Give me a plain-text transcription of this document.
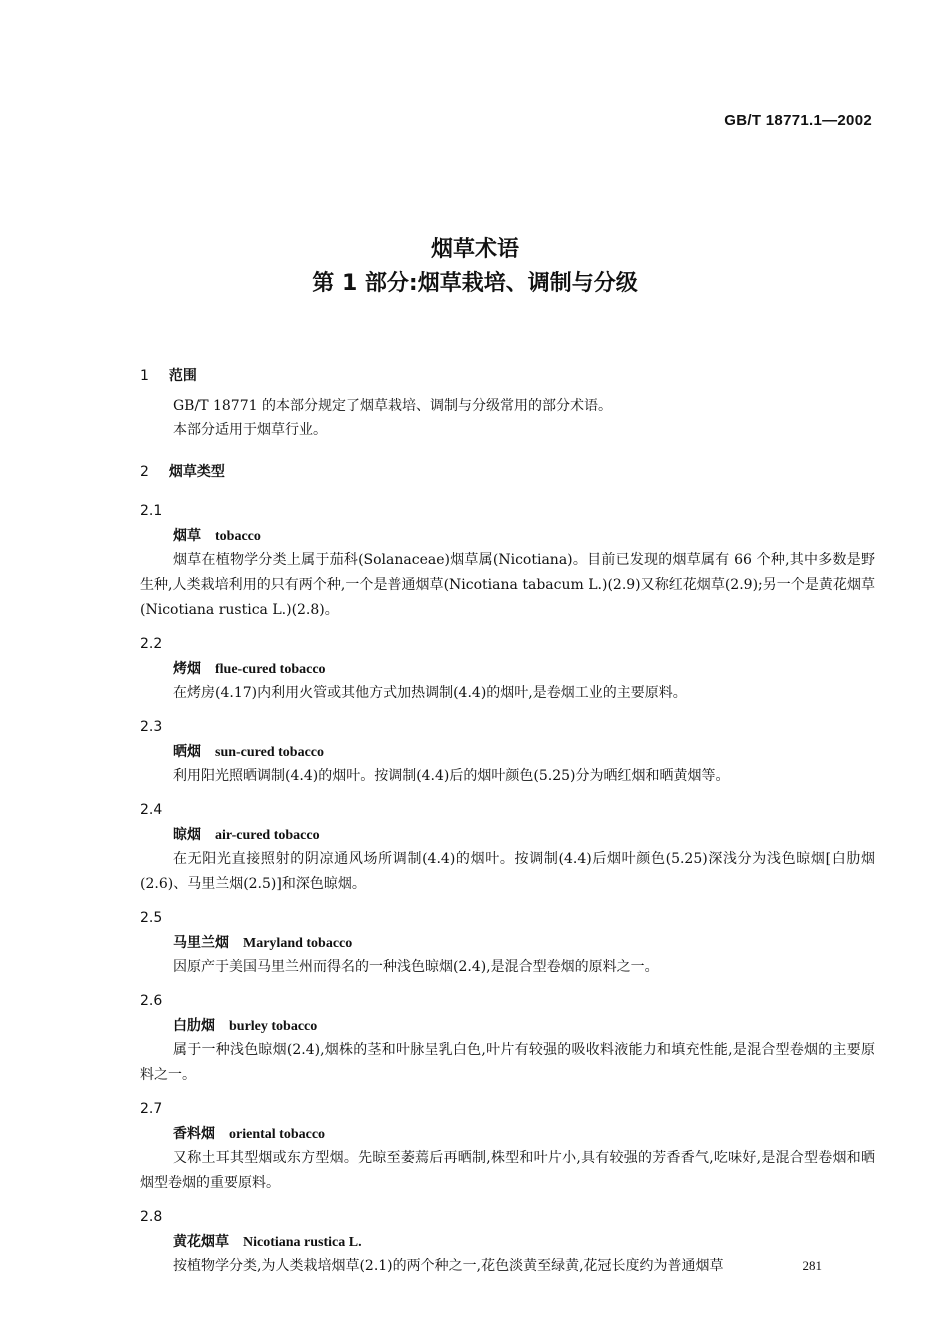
GB/T 18771.1—2002
烟草术语
第 1 部分:烟草栽培、调制与分级
1 范围
GB/T 18771 的本部分规定了烟草栽培、调制与分级常用的部分术语。
本部分适用于烟草行业。
2 烟草类型
2.1
烟草 tobacco
烟草在植物学分类上属于茄科(Solanaceae)烟草属(Nicotiana)。目前已发现的烟草属有 66 个种,其中多数是野生种,人类栽培利用的只有两个种,一个是普通烟草(Nicotiana tabacum L.)(2.9)又称红花烟草(2.9);另一个是黄花烟草(Nicotiana rustica L.)(2.8)。
2.2
烤烟 flue-cured tobacco
在烤房(4.17)内利用火管或其他方式加热调制(4.4)的烟叶,是卷烟工业的主要原料。
2.3
晒烟 sun-cured tobacco
利用阳光照晒调制(4.4)的烟叶。按调制(4.4)后的烟叶颜色(5.25)分为晒红烟和晒黄烟等。
2.4
晾烟 air-cured tobacco
在无阳光直接照射的阴凉通风场所调制(4.4)的烟叶。按调制(4.4)后烟叶颜色(5.25)深浅分为浅色晾烟[白肋烟(2.6)、马里兰烟(2.5)]和深色晾烟。
2.5
马里兰烟 Maryland tobacco
因原产于美国马里兰州而得名的一种浅色晾烟(2.4),是混合型卷烟的原料之一。
2.6
白肋烟 burley tobacco
属于一种浅色晾烟(2.4),烟株的茎和叶脉呈乳白色,叶片有较强的吸收料液能力和填充性能,是混合型卷烟的主要原料之一。
2.7
香料烟 oriental tobacco
又称土耳其型烟或东方型烟。先晾至萎蔫后再晒制,株型和叶片小,具有较强的芳香香气,吃味好,是混合型卷烟和晒烟型卷烟的重要原料。
2.8
黄花烟草 Nicotiana rustica L.
按植物学分类,为人类栽培烟草(2.1)的两个种之一,花色淡黄至绿黄,花冠长度约为普通烟草	281
